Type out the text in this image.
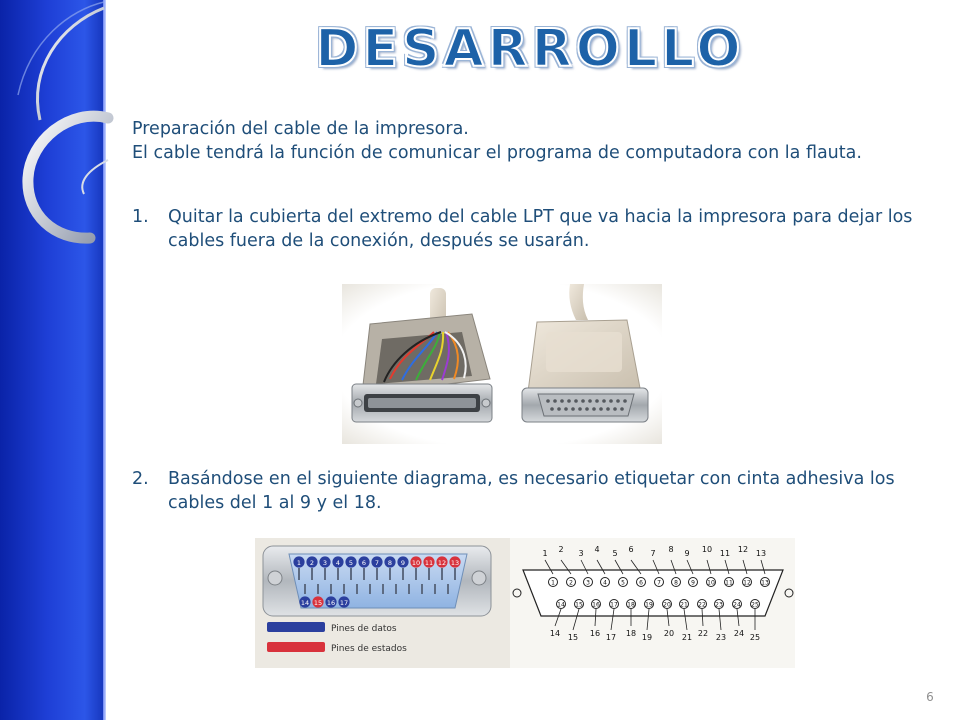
DESARROLLO
Preparación del cable de la impresora.
El cable tendrá la función de comunicar el programa de computadora con la flauta.
1.	Quitar la cubierta del extremo del cable LPT que va hacia la impresora para dejar los cables fuera de la conexión, después se usarán.
2.	Basándose en el siguiente diagrama, es necesario etiquetar con cinta adhesiva los cables del 1 al 9 y el 18.
1 2 3 4 5 6 7 8 9 10 11 12 13
14 15 16 17
Pines de datos
Pines de estados
1
1
2
2
3
3
4
4
5
5
6
6
7
7
8
8
9
9
10
10
11
11
12
12
13
13
14
14
15
15
16
16
17
17
18
18
19
19
20
20
21
21
22
22
23
23
24
24
25
25
6
